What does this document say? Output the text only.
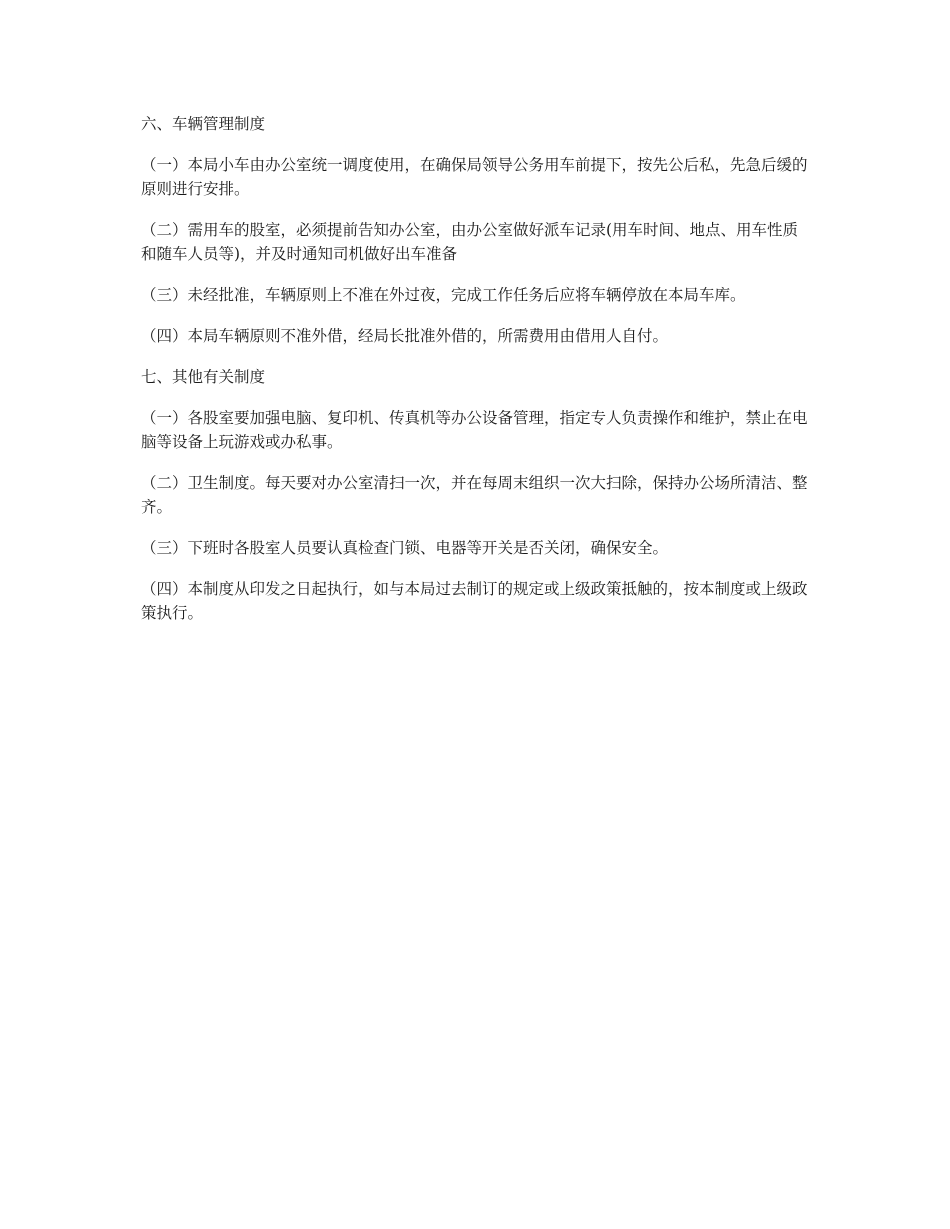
六、车辆管理制度

（一）本局小车由办公室统一调度使用，在确保局领导公务用车前提下，按先公后私，先急后缓的原则进行安排。

（二）需用车的股室，必须提前告知办公室，由办公室做好派车记录(用车时间、地点、用车性质和随车人员等)，并及时通知司机做好出车准备

（三）未经批准，车辆原则上不准在外过夜，完成工作任务后应将车辆停放在本局车库。

（四）本局车辆原则不准外借，经局长批准外借的，所需费用由借用人自付。

七、其他有关制度

（一）各股室要加强电脑、复印机、传真机等办公设备管理，指定专人负责操作和维护，禁止在电脑等设备上玩游戏或办私事。

（二）卫生制度。每天要对办公室清扫一次，并在每周末组织一次大扫除，保持办公场所清洁、整齐。

（三）下班时各股室人员要认真检查门锁、电器等开关是否关闭，确保安全。

（四）本制度从印发之日起执行，如与本局过去制订的规定或上级政策抵触的，按本制度或上级政策执行。
